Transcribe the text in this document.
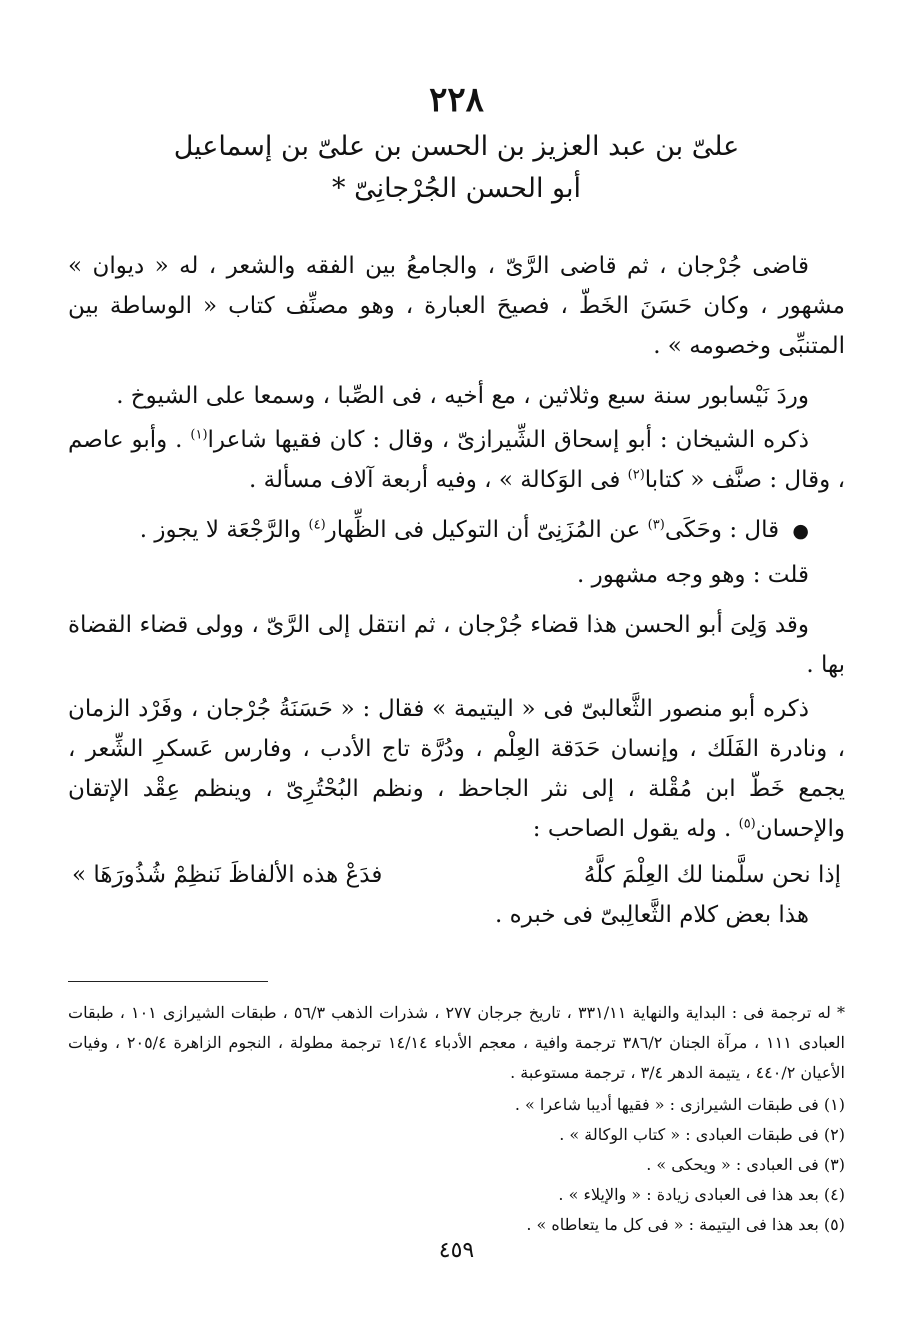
٢٢٨

علىّ بن عبد العزيز بن الحسن بن علىّ بن إسماعيل

أبو الحسن الجُرْجانِىّ *

قاضى جُرْجان ، ثم قاضى الرَّىّ ، والجامعُ بين الفقه والشعر ، له « ديوان » مشهور ، وكان حَسَنَ الخَطّ ، فصيحَ العبارة ، وهو مصنِّف كتاب « الوساطة بين المتنبِّى وخصومه » .

وردَ نَيْسابور سنة سبع وثلاثين ، مع أخيه ، فى الصِّبا ، وسمعا على الشيوخ .

ذكره الشيخان : أبو إسحاق الشِّيرازىّ ، وقال : كان فقيها شاعرا$^{(١)}$ . وأبو عاصم ، وقال : صنَّف « كتابا$^{(٢)}$ فى الوَكالة » ، وفيه أربعة آلاف مسألة .

● قال : وحَكَى$^{(٣)}$ عن المُزَنِىّ أن التوكيل فى الظِّهار$^{(٤)}$ والرَّجْعَة لا يجوز .

قلت : وهو وجه مشهور .

وقد وَلِىَ أبو الحسن هذا قضاء جُرْجان ، ثم انتقل إلى الرَّىّ ، وولى قضاء القضاة بها .

ذكره أبو منصور الثَّعالبىّ فى « اليتيمة » فقال : « حَسَنَةُ جُرْجان ، وفَرْد الزمان ، ونادرة الفَلَك ، وإنسان حَدَقة العِلْم ، ودُرَّة تاج الأدب ، وفارس عَسكرِ الشِّعر ، يجمع خَطّ ابن مُقْلة ، إلى نثر الجاحظ ، ونظم البُحْتُرِىّ ، وينظم عِقْد الإتقان والإحسان$^{(٥)}$ . وله يقول الصاحب :

إذا نحن سلَّمنا لك العِلْمَ كلَّهُ
فدَعْ هذه الألفاظَ نَنظِمْ شُذُورَهَا »

هذا بعض كلام الثَّعالِبىّ فى خبره .

* له ترجمة فى : البداية والنهاية ٣٣١/١١ ، تاريخ جرجان ٢٧٧ ، شذرات الذهب ٥٦/٣ ، طبقات الشيرازى ١٠١ ، طبقات العبادى ١١١ ، مرآة الجنان ٣٨٦/٢ ترجمة وافية ، معجم الأدباء ١٤/١٤ ترجمة مطولة ، النجوم الزاهرة ٢٠٥/٤ ، وفيات الأعيان ٤٤٠/٢ ، يتيمة الدهر ٣/٤ ، ترجمة مستوعبة .

(١) فى طبقات الشيرازى : « فقيها أديبا شاعرا » .

(٢) فى طبقات العبادى : « كتاب الوكالة » .

(٣) فى العبادى : « ويحكى » .

(٤) بعد هذا فى العبادى زيادة : « والإيلاء » .

(٥) بعد هذا فى اليتيمة : « فى كل ما يتعاطاه » .

٤٥٩
